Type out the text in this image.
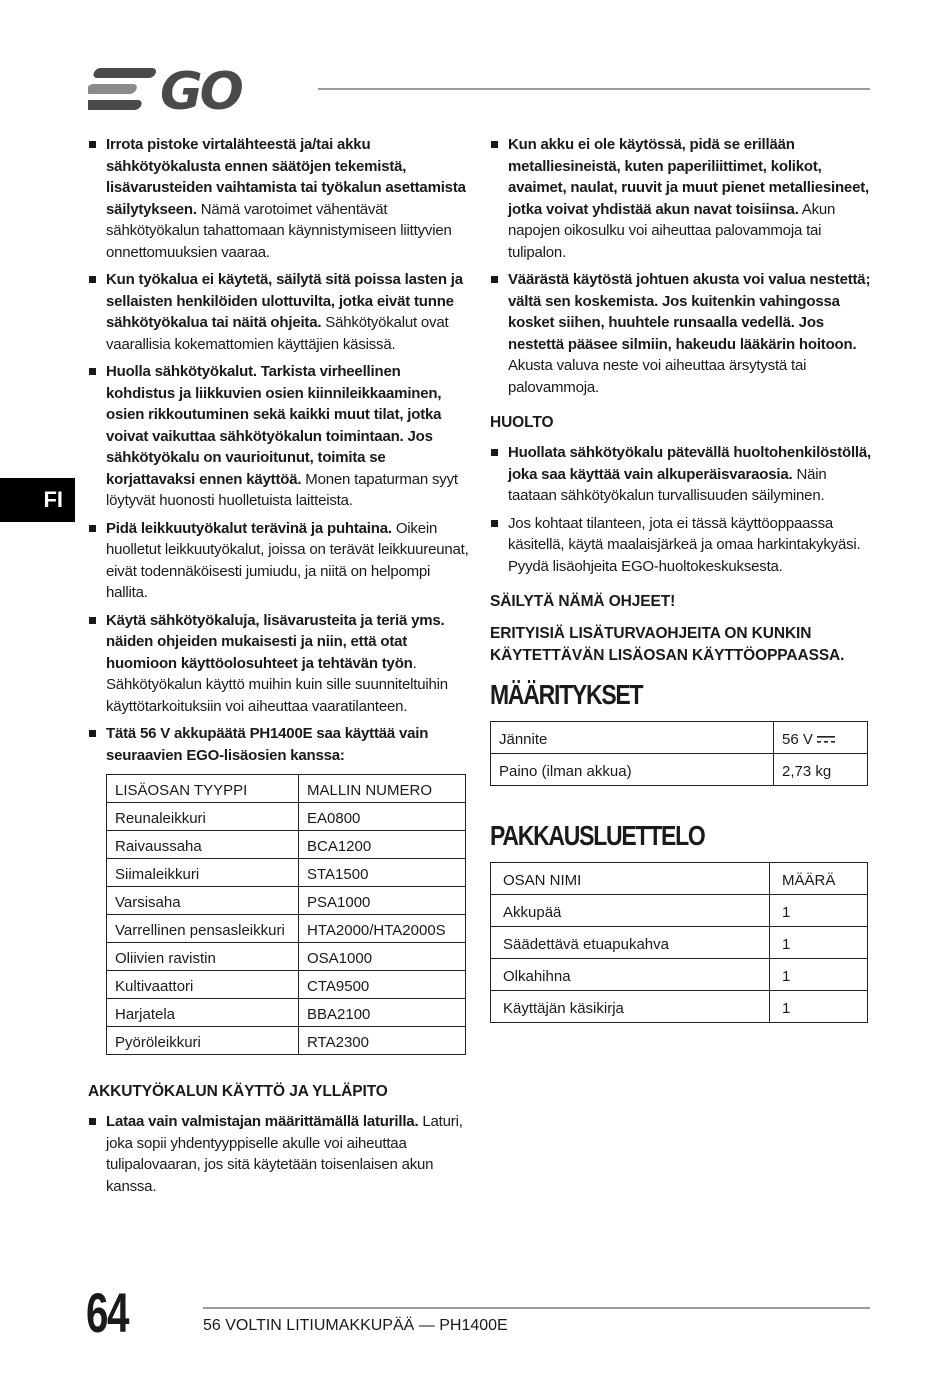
GO
FI
Irrota pistoke virtalähteestä ja/tai akku sähkötyökalusta ennen säätöjen tekemistä, lisävarusteiden vaihtamista tai työkalun asettamista säilytykseen. Nämä varotoimet vähentävät sähkötyökalun tahattomaan käynnistymiseen liittyvien onnettomuuksien vaaraa.
Kun työkalua ei käytetä, säilytä sitä poissa lasten ja sellaisten henkilöiden ulottuvilta, jotka eivät tunne sähkötyökalua tai näitä ohjeita. Sähkötyökalut ovat vaarallisia kokemattomien käyttäjien käsissä.
Huolla sähkötyökalut. Tarkista virheellinen kohdistus ja liikkuvien osien kiinnileikkaaminen, osien rikkoutuminen sekä kaikki muut tilat, jotka voivat vaikuttaa sähkötyökalun toimintaan. Jos sähkötyökalu on vaurioitunut, toimita se korjattavaksi ennen käyttöä. Monen tapaturman syyt löytyvät huonosti huolletuista laitteista.
Pidä leikkuutyökalut terävinä ja puhtaina. Oikein huolletut leikkuutyökalut, joissa on terävät leikkuureunat, eivät todennäköisesti jumiudu, ja niitä on helpompi hallita.
Käytä sähkötyökaluja, lisävarusteita ja teriä yms. näiden ohjeiden mukaisesti ja niin, että otat huomioon käyttöolosuhteet ja tehtävän työn. Sähkötyökalun käyttö muihin kuin sille suunniteltuihin käyttötarkoituksiin voi aiheuttaa vaaratilanteen.
Tätä 56 V akkupäätä PH1400E saa käyttää vain seuraavien EGO-lisäosien kanssa:
LISÄOSAN TYYPPI	MALLIN NUMERO
Reunaleikkuri	EA0800
Raivaussaha	BCA1200
Siimaleikkuri	STA1500
Varsisaha	PSA1000
Varrellinen pensasleikkuri	HTA2000/HTA2000S
Oliivien ravistin	OSA1000
Kultivaattori	CTA9500
Harjatela	BBA2100
Pyöröleikkuri	RTA2300
AKKUTYÖKALUN KÄYTTÖ JA YLLÄPITO
Lataa vain valmistajan määrittämällä laturilla. Laturi, joka sopii yhdentyyppiselle akulle voi aiheuttaa tulipalovaaran, jos sitä käytetään toisenlaisen akun kanssa.
Kun akku ei ole käytössä, pidä se erillään metalliesineistä, kuten paperiliittimet, kolikot, avaimet, naulat, ruuvit ja muut pienet metalliesineet, jotka voivat yhdistää akun navat toisiinsa. Akun napojen oikosulku voi aiheuttaa palovammoja tai tulipalon.
Väärästä käytöstä johtuen akusta voi valua nestettä; vältä sen koskemista. Jos kuitenkin vahingossa kosket siihen, huuhtele runsaalla vedellä. Jos nestettä pääsee silmiin, hakeudu lääkärin hoitoon. Akusta valuva neste voi aiheuttaa ärsytystä tai palovammoja.
HUOLTO
Huollata sähkötyökalu pätevällä huoltohenkilöstöllä, joka saa käyttää vain alkuperäisvaraosia. Näin taataan sähkötyökalun turvallisuuden säilyminen.
Jos kohtaat tilanteen, jota ei tässä käyttöoppaassa käsitellä, käytä maalaisjärkeä ja omaa harkintakykyäsi. Pyydä lisäohjeita EGO-huoltokeskuksesta.
SÄILYTÄ NÄMÄ OHJEET!
ERITYISIÄ LISÄTURVAOHJEITA ON KUNKIN KÄYTETTÄVÄN LISÄOSAN KÄYTTÖOPPAASSA.
MÄÄRITYKSET
Jännite	56 V
Paino (ilman akkua)	2,73 kg
PAKKAUSLUETTELO
OSAN NIMI	MÄÄRÄ
Akkupää	1
Säädettävä etuapukahva	1
Olkahihna	1
Käyttäjän käsikirja	1
64	56 VOLTIN LITIUMAKKUPÄÄ — PH1400E
